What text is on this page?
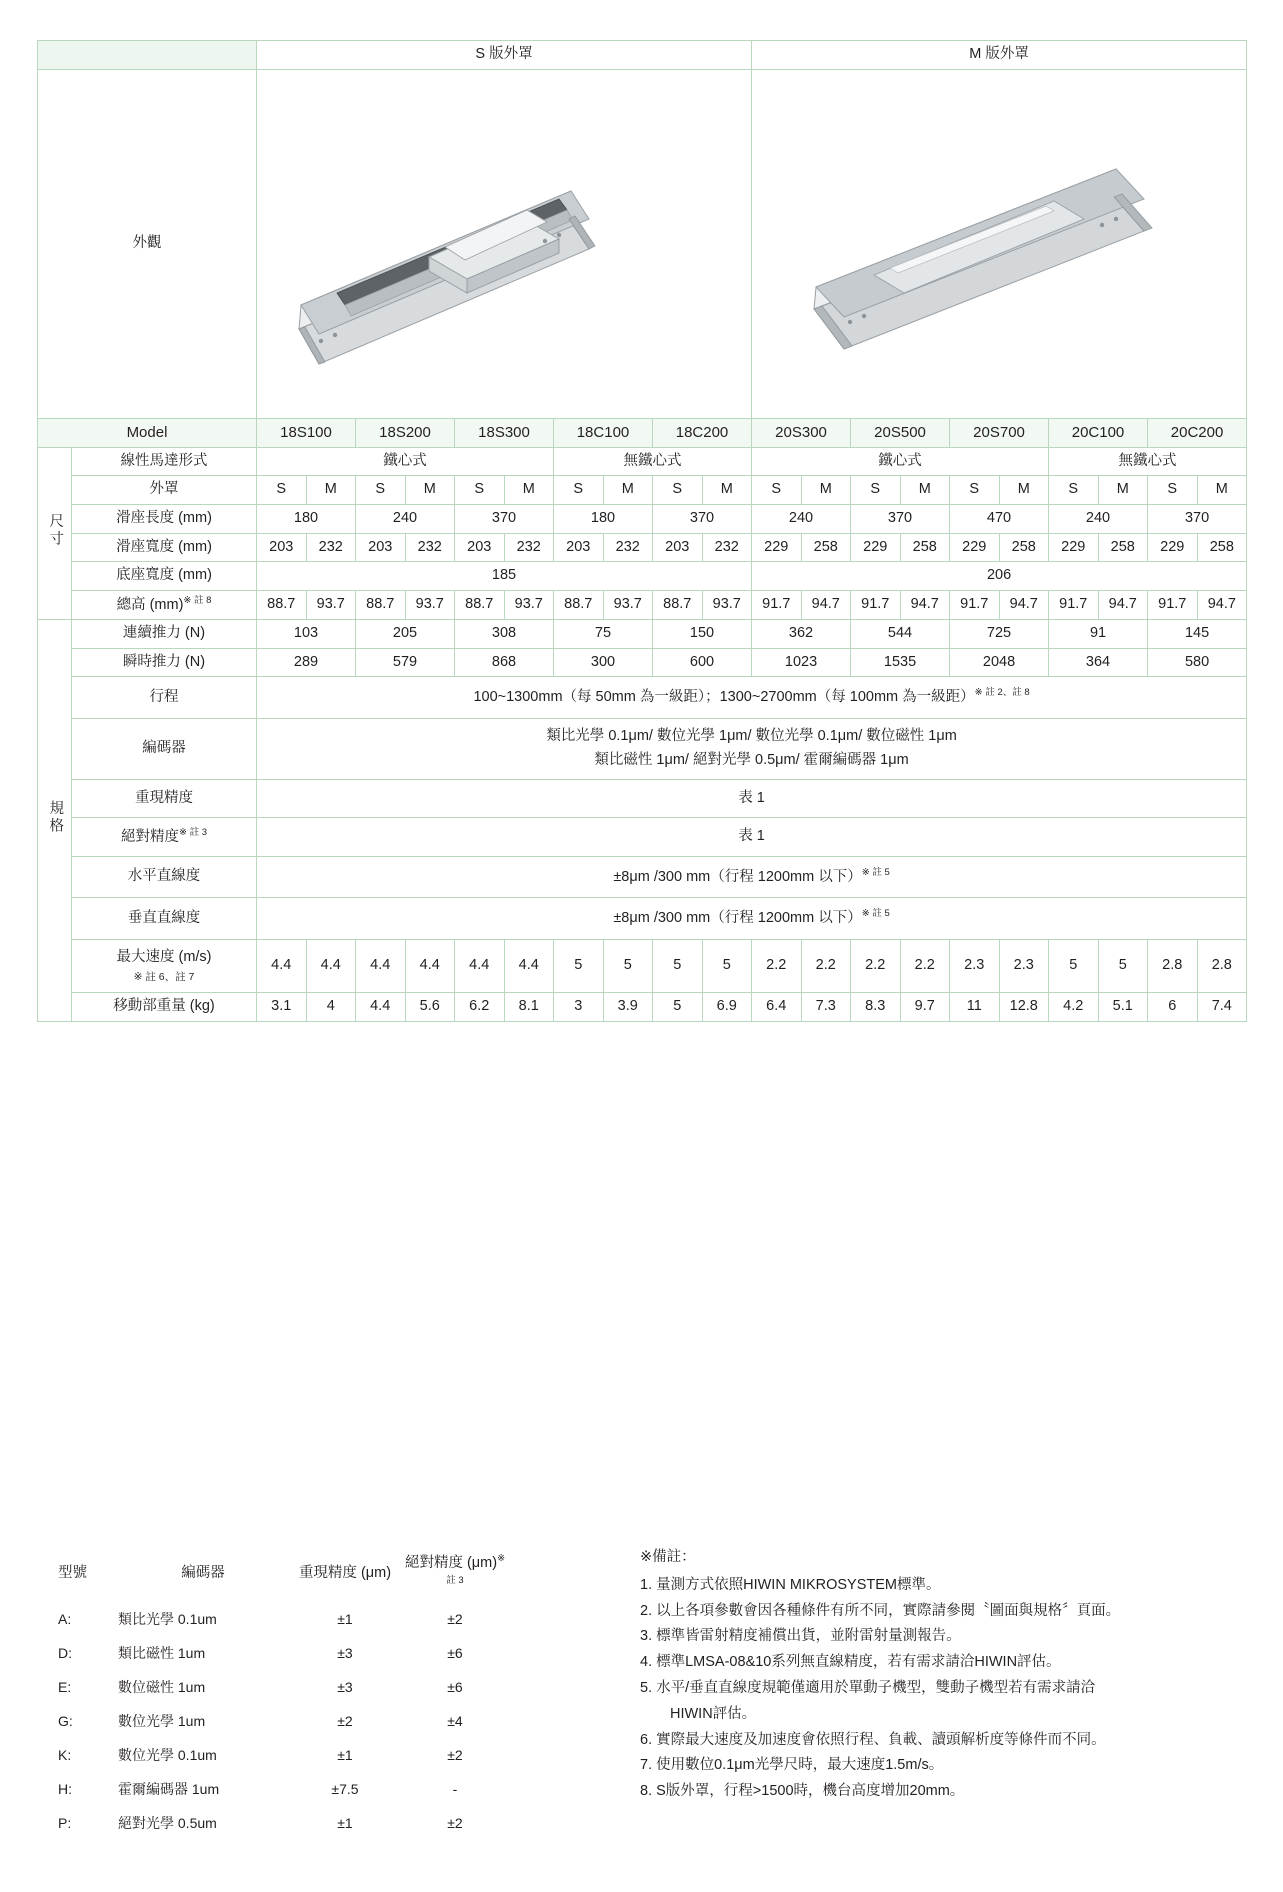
		S 版外罩										M 版外罩									
外觀	

Model		18S100		18S200		18S300		18C100		18C200		20S300		20S500		20S700		20C100		20C200	
尺寸	線性馬達形式	鐵心式						無鐵心式				鐵心式						無鐵心式			
	外罩	S	M	S	M	S	M	S	M	S	M	S	M	S	M	S	M	S	M	S	M
	滑座長度 (mm)	180		240		370		180		370		240		370		470		240		370	
	滑座寬度 (mm)	203	232	203	232	203	232	203	232	203	232	229	258	229	258	229	258	229	258	229	258
	底座寬度 (mm)	185										206									
	總高 (mm)$^{※ 註 8}$	88.7	93.7	88.7	93.7	88.7	93.7	88.7	93.7	88.7	93.7	91.7	94.7	91.7	94.7	91.7	94.7	91.7	94.7	91.7	94.7
規格	連續推力 (N)	103		205		308		75		150		362		544		725		91		145	
	瞬時推力 (N)	289		579		868		300		600		1023		1535		2048		364		580	
	行程	100~1300mm（每 50mm 為一級距）；1300~2700mm（每 100mm 為一級距）$^{※ 註 2、註 8}$
	編碼器	類比光學 0.1μm/ 數位光學 1μm/ 數位光學 0.1μm/ 數位磁性 1μm
類比磁性 1μm/ 絕對光學 0.5μm/ 霍爾編碼器 1μm																			

	重現精度	表 1																			
	絕對精度$^{※ 註 3}$	表 1																			
	水平直線度	±8μm /300 mm（行程 1200mm 以下）$^{※ 註 5}$
	垂直直線度	±8μm /300 mm（行程 1200mm 以下）$^{※ 註 5}$

	最大速度 (m/s)
※ 註 6、註 7	4.4	4.4	4.4	4.4	4.4	4.4	5	5	5	5	2.2	2.2	2.2	2.2	2.3	2.3	5	5	2.8	2.8
	移動部重量 (kg)	3.1	4	4.4	5.6	6.2	8.1	3	3.9	5	6.9	6.4	7.3	8.3	9.7	11	12.8	4.2	5.1	6	7.4
型號	編碼器	重現精度 (μm)	絕對精度 (μm)$^{※ 註 3}$
A:	類比光學 0.1um	±1	±2
D:	類比磁性 1um	±3	±6
E:	數位磁性 1um	±3	±6
G:	數位光學 1um	±2	±4
K:	數位光學 0.1um	±1	±2
H:	霍爾編碼器 1um	±7.5	-
P:	絕對光學 0.5um	±1	±2
※備註：
1. 量測方式依照HIWIN MIKROSYSTEM標準。
2. 以上各項參數會因各種條件有所不同，實際請參閱〝圖面與規格〞頁面。
3. 標準皆雷射精度補償出貨，並附雷射量測報告。
4. 標準LMSA-08&10系列無直線精度，若有需求請洽HIWIN評估。
5. 水平/垂直直線度規範僅適用於單動子機型，雙動子機型若有需求請洽
HIWIN評估。
6. 實際最大速度及加速度會依照行程、負載、讀頭解析度等條件而不同。
7. 使用數位0.1μm光學尺時，最大速度1.5m/s。
8. S版外罩，行程>1500時，機台高度增加20mm。
